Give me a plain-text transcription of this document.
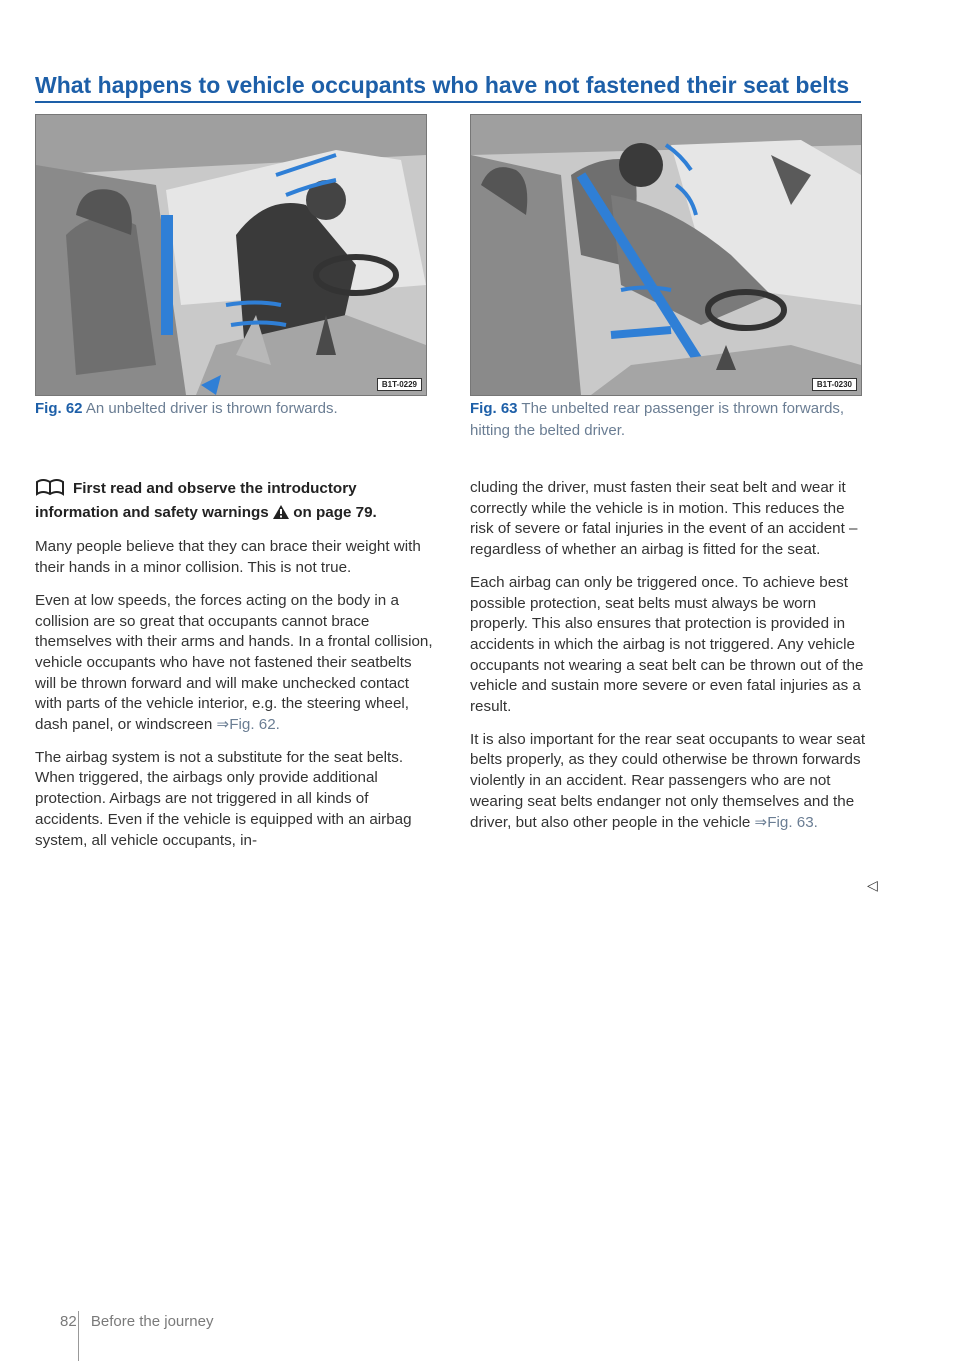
What happens to vehicle occupants who have not fastened their seat belts
B1T-0229

Fig. 62 An unbelted driver is thrown forwards.

B1T-0230

Fig. 63 The unbelted rear passenger is thrown forwards, hitting the belted driver.

First read and observe the introductory information and safety warnings  on page 79.

Many people believe that they can brace their weight with their hands in a minor collision. This is not true.

Even at low speeds, the forces acting on the body in a collision are so great that occupants cannot brace themselves with their arms and hands. In a frontal collision, vehicle occupants who have not fastened their seatbelts will be thrown forward and will make unchecked contact with parts of the vehicle interior, e.g. the steering wheel, dash panel, or windscreen ⇒Fig. 62.

The airbag system is not a substitute for the seat belts. When triggered, the airbags only provide additional protection. Airbags are not triggered in all kinds of accidents. Even if the vehicle is equipped with an airbag system, all vehicle occupants, in-

cluding the driver, must fasten their seat belt and wear it correctly while the vehicle is in motion. This reduces the risk of severe or fatal injuries in the event of an accident – regardless of whether an airbag is fitted for the seat.

Each airbag can only be triggered once. To achieve best possible protection, seat belts must always be worn properly. This also ensures that protection is provided in accidents in which the airbag is not triggered. Any vehicle occupants not wearing a seat belt can be thrown out of the vehicle and sustain more severe or even fatal injuries as a result.

It is also important for the rear seat occupants to wear seat belts properly, as they could otherwise be thrown forwards violently in an accident. Rear passengers who are not wearing seat belts endanger not only themselves and the driver, but also other people in the vehicle ⇒Fig. 63.

◁
82 Before the journey
